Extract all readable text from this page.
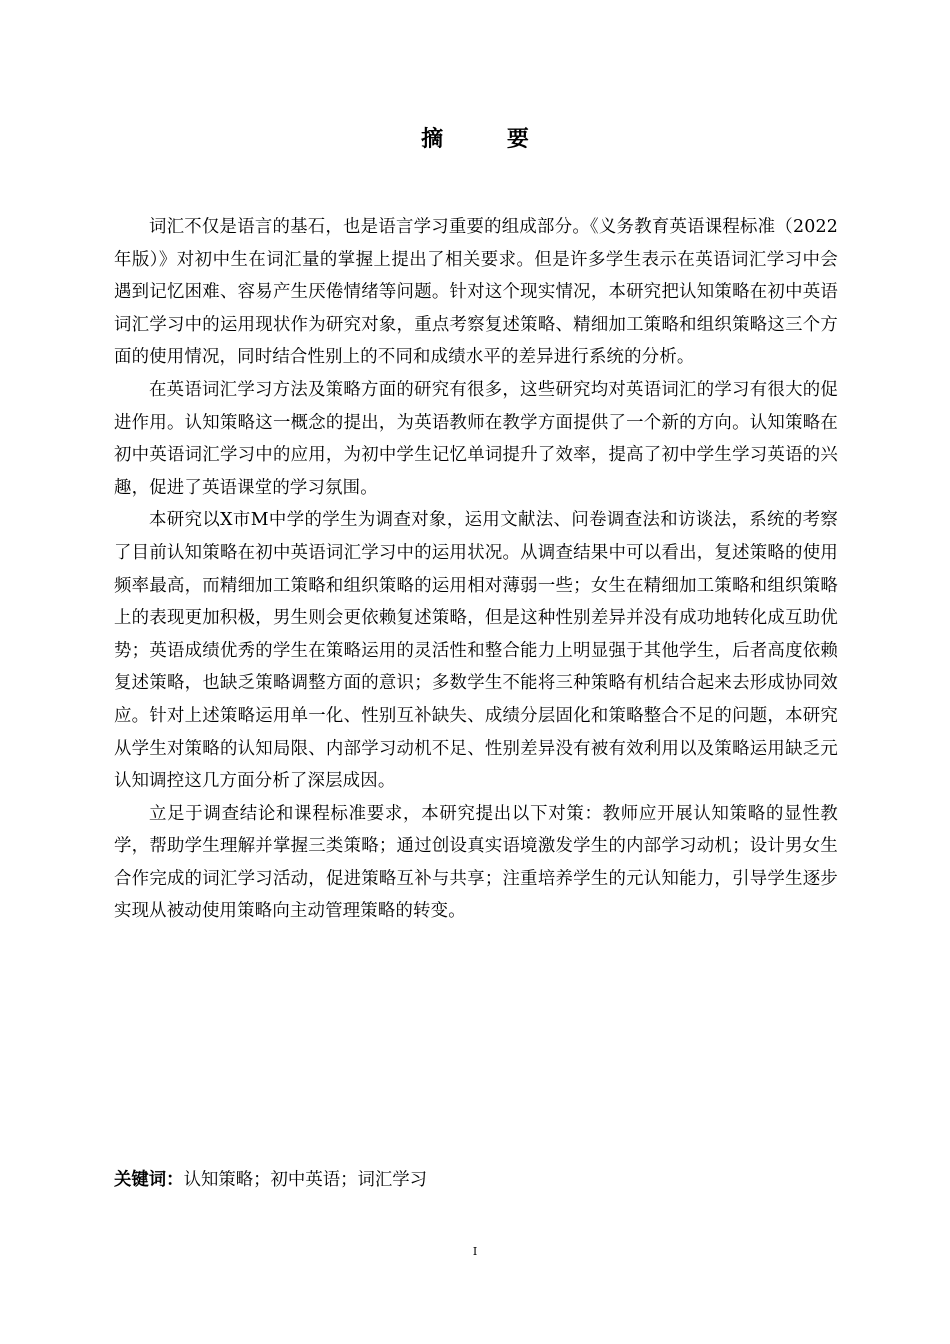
摘 要

词汇不仅是语言的基石，也是语言学习重要的组成部分。《义务教育英语课程标准（2022年版）》对初中生在词汇量的掌握上提出了相关要求。但是许多学生表示在英语词汇学习中会遇到记忆困难、容易产生厌倦情绪等问题。针对这个现实情况，本研究把认知策略在初中英语词汇学习中的运用现状作为研究对象，重点考察复述策略、精细加工策略和组织策略这三个方面的使用情况，同时结合性别上的不同和成绩水平的差异进行系统的分析。

在英语词汇学习方法及策略方面的研究有很多，这些研究均对英语词汇的学习有很大的促进作用。认知策略这一概念的提出，为英语教师在教学方面提供了一个新的方向。认知策略在初中英语词汇学习中的应用，为初中学生记忆单词提升了效率，提高了初中学生学习英语的兴趣，促进了英语课堂的学习氛围。

本研究以X市M中学的学生为调查对象，运用文献法、问卷调查法和访谈法，系统的考察了目前认知策略在初中英语词汇学习中的运用状况。从调查结果中可以看出，复述策略的使用频率最高，而精细加工策略和组织策略的运用相对薄弱一些；女生在精细加工策略和组织策略上的表现更加积极，男生则会更依赖复述策略，但是这种性别差异并没有成功地转化成互助优势；英语成绩优秀的学生在策略运用的灵活性和整合能力上明显强于其他学生，后者高度依赖复述策略，也缺乏策略调整方面的意识；多数学生不能将三种策略有机结合起来去形成协同效应。针对上述策略运用单一化、性别互补缺失、成绩分层固化和策略整合不足的问题，本研究从学生对策略的认知局限、内部学习动机不足、性别差异没有被有效利用以及策略运用缺乏元认知调控这几方面分析了深层成因。

立足于调查结论和课程标准要求，本研究提出以下对策：教师应开展认知策略的显性教学，帮助学生理解并掌握三类策略；通过创设真实语境激发学生的内部学习动机；设计男女生合作完成的词汇学习活动，促进策略互补与共享；注重培养学生的元认知能力，引导学生逐步实现从被动使用策略向主动管理策略的转变。

关键词：认知策略；初中英语；词汇学习
I
